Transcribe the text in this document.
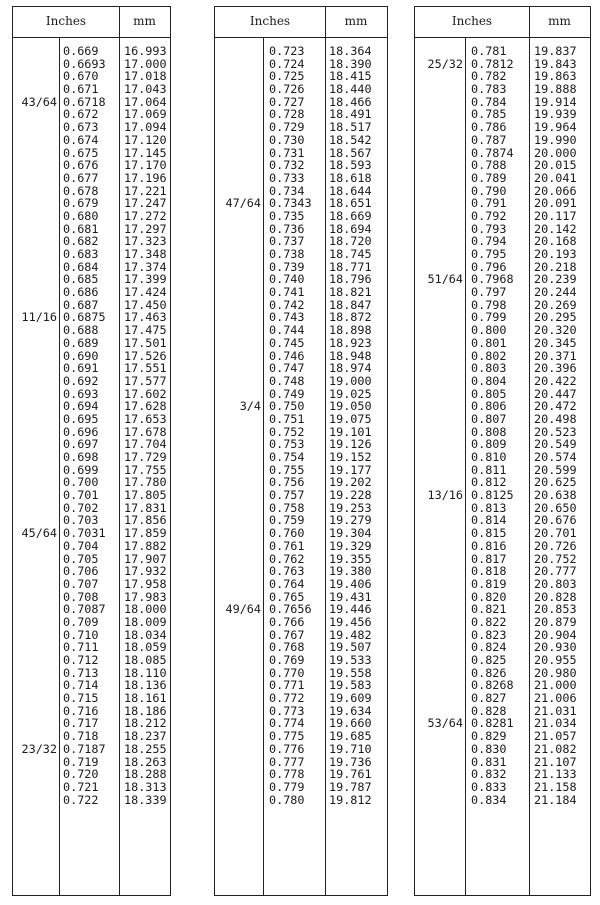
Inches	mm
0.669 16.993
0.6693 17.000
0.670 17.018
0.671 17.043
43/64 0.6718 17.064
0.672 17.069
0.673 17.094
0.674 17.120
0.675 17.145
0.676 17.170
0.677 17.196
0.678 17.221
0.679 17.247
0.680 17.272
0.681 17.297
0.682 17.323
0.683 17.348
0.684 17.374
0.685 17.399
0.686 17.424
0.687 17.450
11/16 0.6875 17.463
0.688 17.475
0.689 17.501
0.690 17.526
0.691 17.551
0.692 17.577
0.693 17.602
0.694 17.628
0.695 17.653
0.696 17.678
0.697 17.704
0.698 17.729
0.699 17.755
0.700 17.780
0.701 17.805
0.702 17.831
0.703 17.856
45/64 0.7031 17.859
0.704 17.882
0.705 17.907
0.706 17.932
0.707 17.958
0.708 17.983
0.7087 18.000
0.709 18.009
0.710 18.034
0.711 18.059
0.712 18.085
0.713 18.110
0.714 18.136
0.715 18.161
0.716 18.186
0.717 18.212
0.718 18.237
23/32 0.7187 18.255
0.719 18.263
0.720 18.288
0.721 18.313
0.722 18.339
Inches	mm
0.723 18.364
0.724 18.390
0.725 18.415
0.726 18.440
0.727 18.466
0.728 18.491
0.729 18.517
0.730 18.542
0.731 18.567
0.732 18.593
0.733 18.618
0.734 18.644
47/64 0.7343 18.651
0.735 18.669
0.736 18.694
0.737 18.720
0.738 18.745
0.739 18.771
0.740 18.796
0.741 18.821
0.742 18.847
0.743 18.872
0.744 18.898
0.745 18.923
0.746 18.948
0.747 18.974
0.748 19.000
0.749 19.025
3/4 0.750 19.050
0.751 19.075
0.752 19.101
0.753 19.126
0.754 19.152
0.755 19.177
0.756 19.202
0.757 19.228
0.758 19.253
0.759 19.279
0.760 19.304
0.761 19.329
0.762 19.355
0.763 19.380
0.764 19.406
0.765 19.431
49/64 0.7656 19.446
0.766 19.456
0.767 19.482
0.768 19.507
0.769 19.533
0.770 19.558
0.771 19.583
0.772 19.609
0.773 19.634
0.774 19.660
0.775 19.685
0.776 19.710
0.777 19.736
0.778 19.761
0.779 19.787
0.780 19.812
Inches	mm
0.781 19.837
25/32 0.7812 19.843
0.782 19.863
0.783 19.888
0.784 19.914
0.785 19.939
0.786 19.964
0.787 19.990
0.7874 20.000
0.788 20.015
0.789 20.041
0.790 20.066
0.791 20.091
0.792 20.117
0.793 20.142
0.794 20.168
0.795 20.193
0.796 20.218
51/64 0.7968 20.239
0.797 20.244
0.798 20.269
0.799 20.295
0.800 20.320
0.801 20.345
0.802 20.371
0.803 20.396
0.804 20.422
0.805 20.447
0.806 20.472
0.807 20.498
0.808 20.523
0.809 20.549
0.810 20.574
0.811 20.599
0.812 20.625
13/16 0.8125 20.638
0.813 20.650
0.814 20.676
0.815 20.701
0.816 20.726
0.817 20.752
0.818 20.777
0.819 20.803
0.820 20.828
0.821 20.853
0.822 20.879
0.823 20.904
0.824 20.930
0.825 20.955
0.826 20.980
0.8268 21.000
0.827 21.006
0.828 21.031
53/64 0.8281 21.034
0.829 21.057
0.830 21.082
0.831 21.107
0.832 21.133
0.833 21.158
0.834 21.184
